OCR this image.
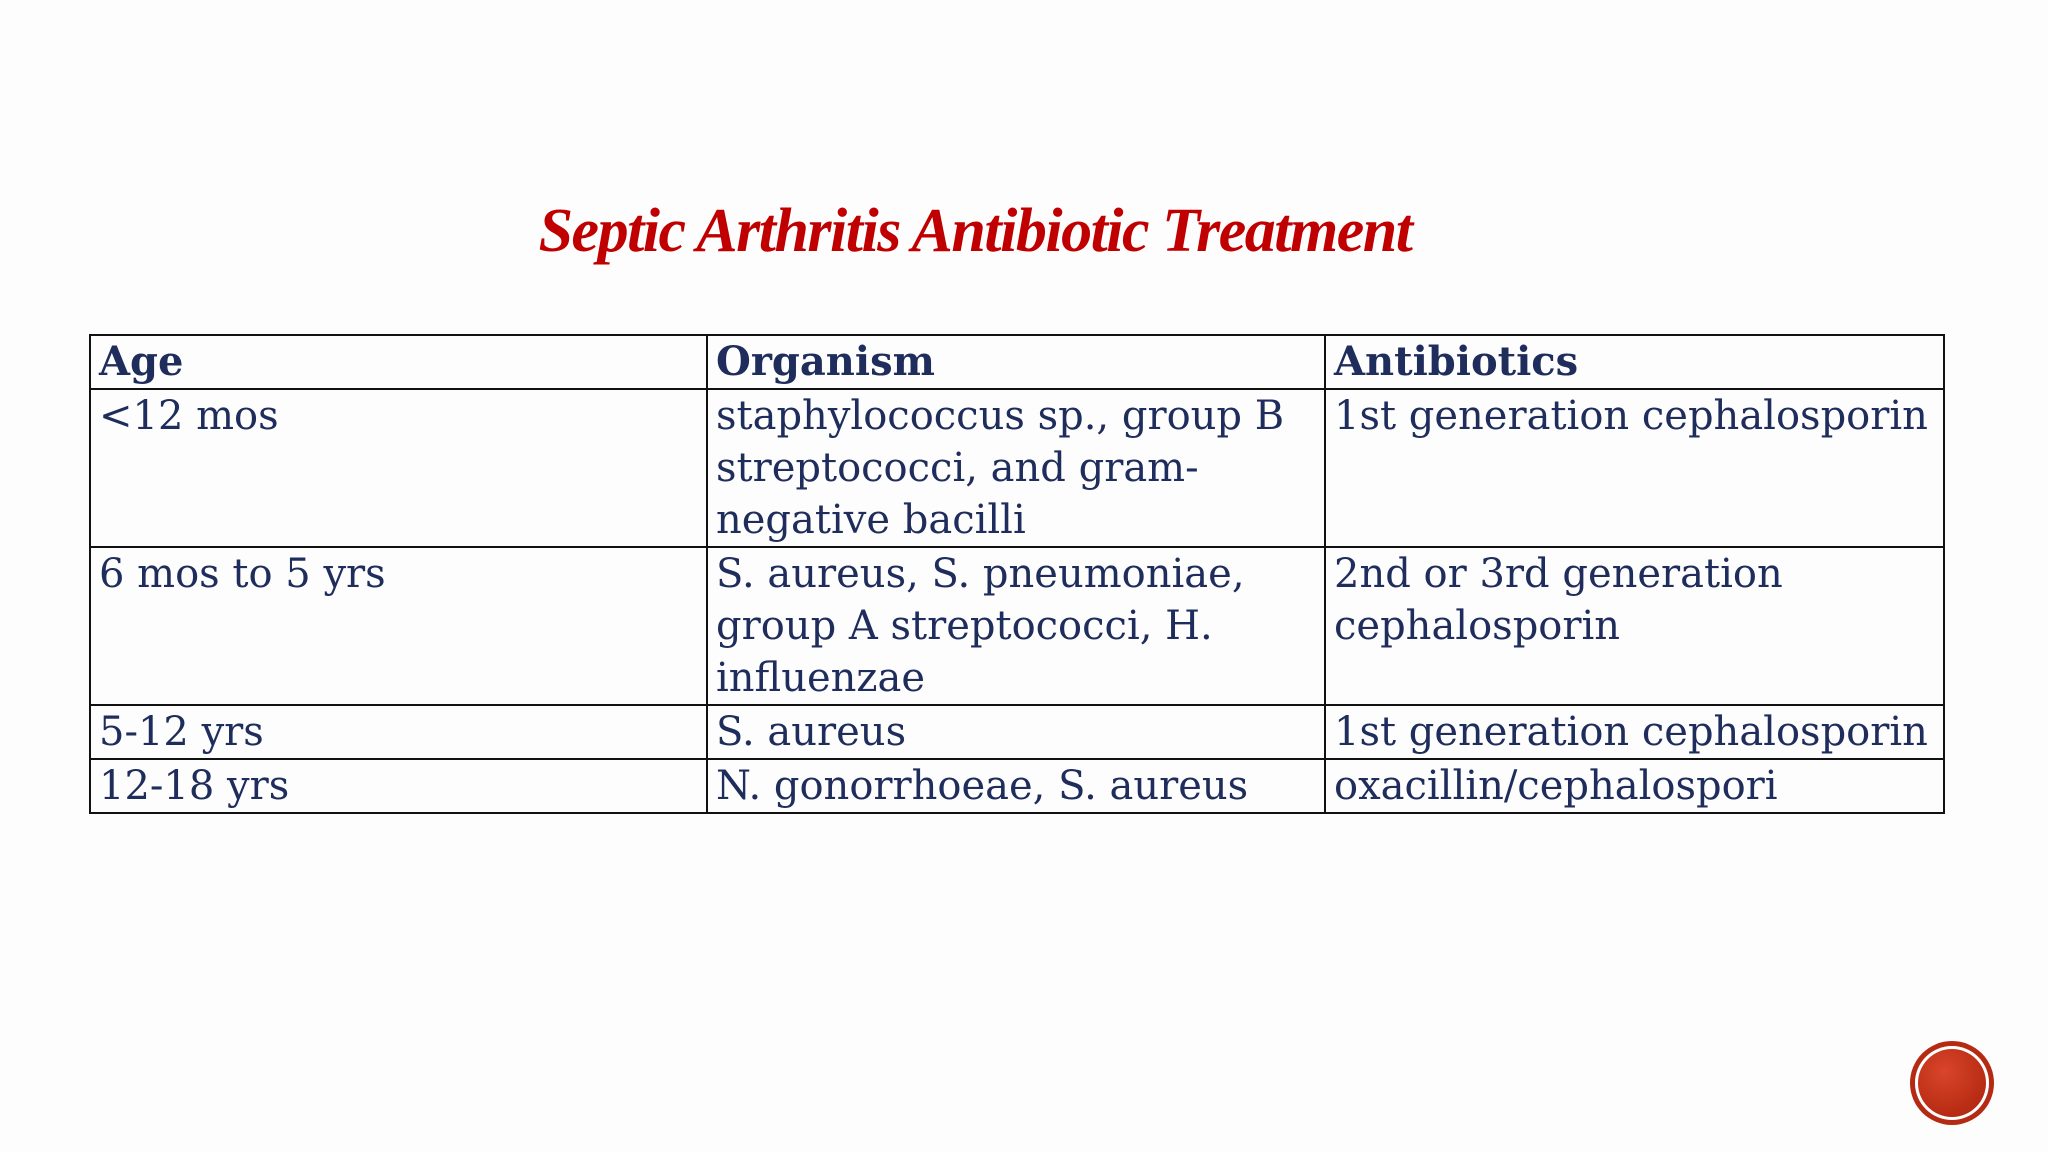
Septic Arthritis Antibiotic Treatment
Age	Organism	Antibiotics
<12 mos	staphylococcus sp., group B streptococci, and gram-negative bacilli	1st generation cephalosporin
6 mos to 5 yrs	S. aureus, S. pneumoniae, group A streptococci, H. influenzae	2nd or 3rd generation cephalosporin
5-12 yrs	S. aureus	1st generation cephalosporin
12-18 yrs	N. gonorrhoeae, S. aureus	oxacillin/cephalospori
